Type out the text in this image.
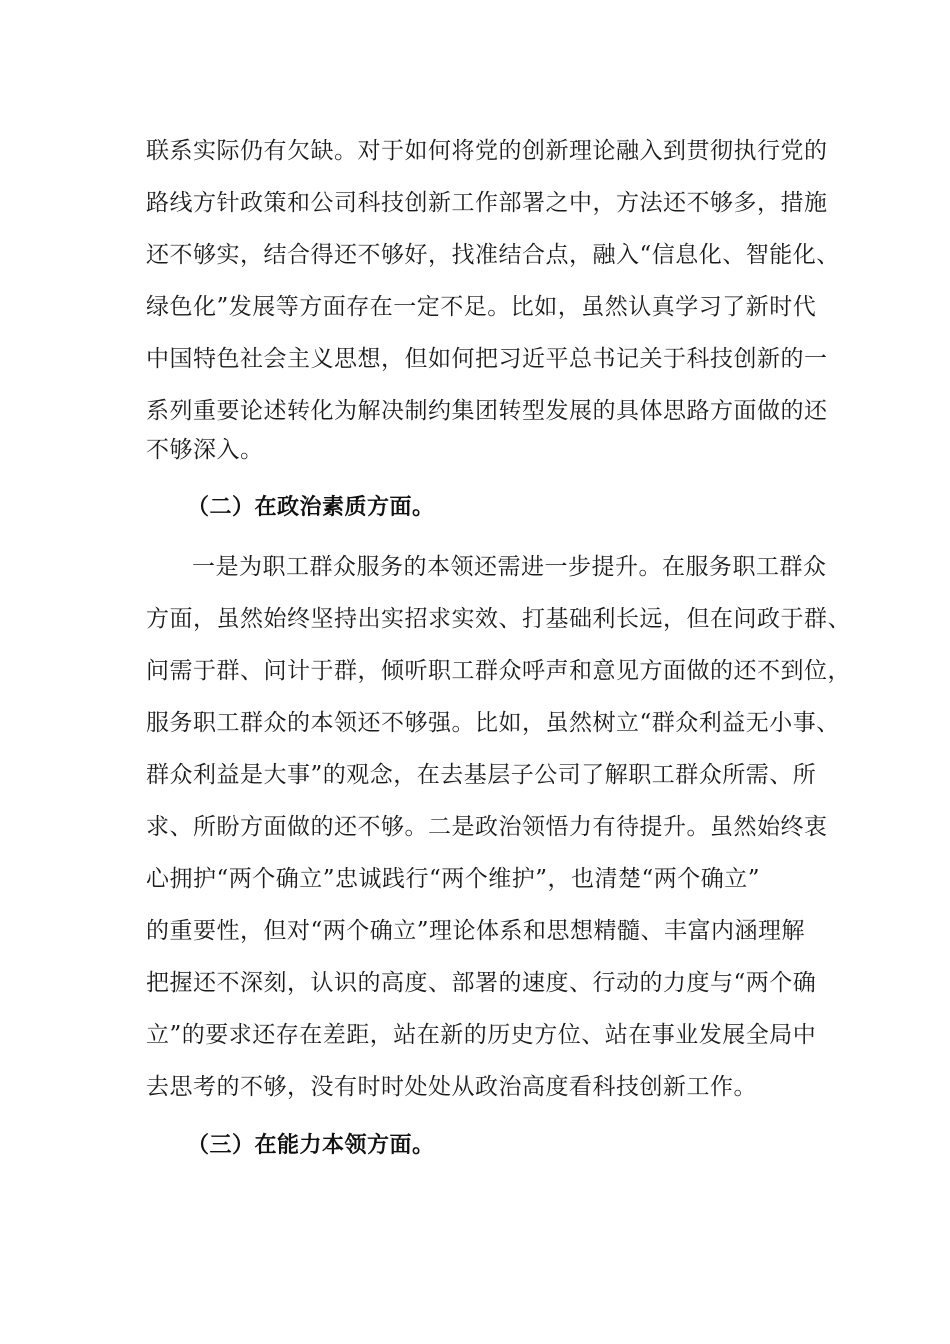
联系实际仍有欠缺。对于如何将党的创新理论融入到贯彻执行党的
路线方针政策和公司科技创新工作部署之中，方法还不够多，措施
还不够实，结合得还不够好，找准结合点，融入“信息化、智能化、
绿色化”发展等方面存在一定不足。比如，虽然认真学习了新时代
中国特色社会主义思想，但如何把习近平总书记关于科技创新的一
系列重要论述转化为解决制约集团转型发展的具体思路方面做的还
不够深入。
（二）在政治素质方面。
一是为职工群众服务的本领还需进一步提升。在服务职工群众
方面，虽然始终坚持出实招求实效、打基础利长远，但在问政于群、
问需于群、问计于群，倾听职工群众呼声和意见方面做的还不到位，
服务职工群众的本领还不够强。比如，虽然树立“群众利益无小事、
群众利益是大事”的观念，在去基层子公司了解职工群众所需、所
求、所盼方面做的还不够。二是政治领悟力有待提升。虽然始终衷
心拥护“两个确立”忠诚践行“两个维护”，也清楚“两个确立”
的重要性，但对“两个确立”理论体系和思想精髓、丰富内涵理解
把握还不深刻，认识的高度、部署的速度、行动的力度与“两个确
立”的要求还存在差距，站在新的历史方位、站在事业发展全局中
去思考的不够，没有时时处处从政治高度看科技创新工作。
（三）在能力本领方面。
